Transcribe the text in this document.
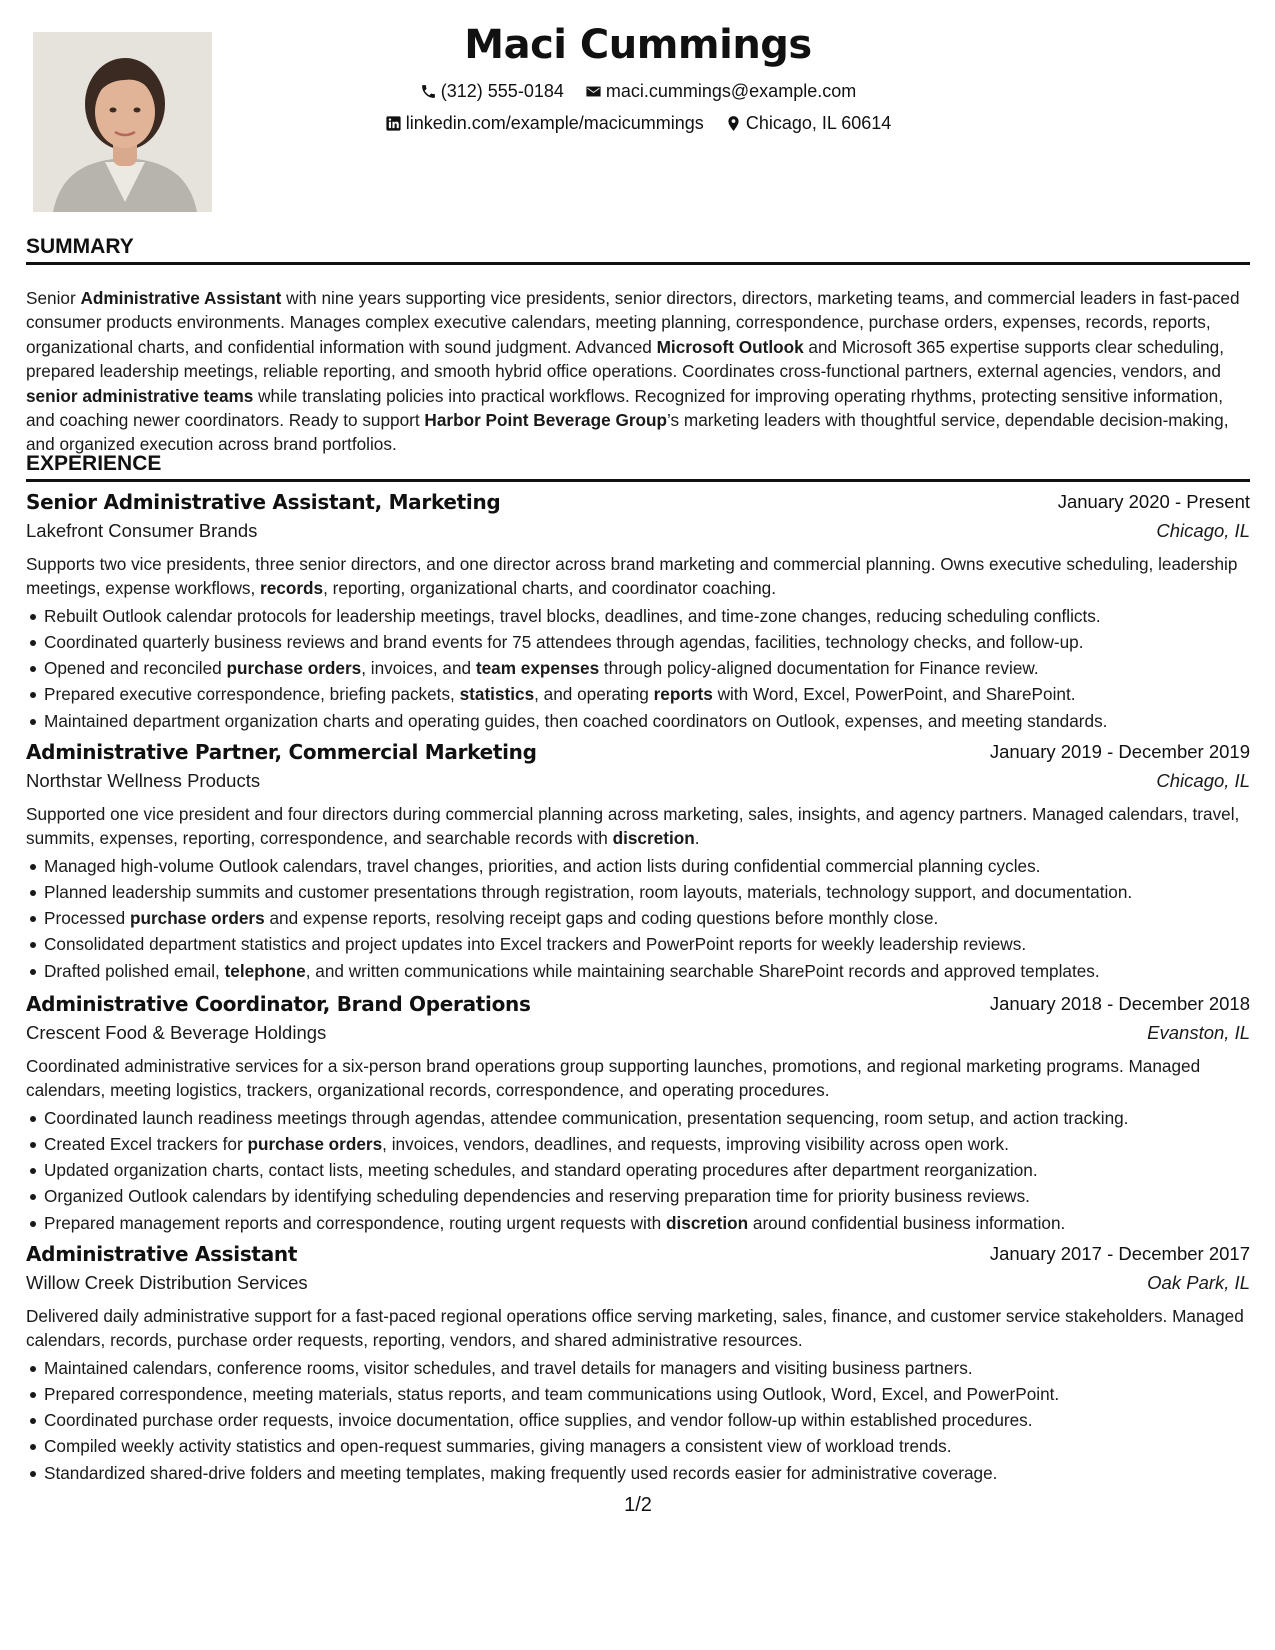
Maci Cummings
(312) 555-0184
maci.cummings@example.com
linkedin.com/example/macicummings
Chicago, IL 60614
SUMMARY
Senior Administrative Assistant with nine years supporting vice presidents, senior directors, directors, marketing teams, and commercial leaders in fast-paced consumer products environments. Manages complex executive calendars, meeting planning, correspondence, purchase orders, expenses, records, reports, organizational charts, and confidential information with sound judgment. Advanced Microsoft Outlook and Microsoft 365 expertise supports clear scheduling, prepared leadership meetings, reliable reporting, and smooth hybrid office operations. Coordinates cross-functional partners, external agencies, vendors, and senior administrative teams while translating policies into practical workflows. Recognized for improving operating rhythms, protecting sensitive information, and coaching newer coordinators. Ready to support Harbor Point Beverage Group’s marketing leaders with thoughtful service, dependable decision-making, and organized execution across brand portfolios.
EXPERIENCE
Senior Administrative Assistant, Marketing	January 2020 - Present
Lakefront Consumer Brands	Chicago, IL
Supports two vice presidents, three senior directors, and one director across brand marketing and commercial planning. Owns executive scheduling, leadership meetings, expense workflows, records, reporting, organizational charts, and coordinator coaching.
Rebuilt Outlook calendar protocols for leadership meetings, travel blocks, deadlines, and time-zone changes, reducing scheduling conflicts.
Coordinated quarterly business reviews and brand events for 75 attendees through agendas, facilities, technology checks, and follow-up.
Opened and reconciled purchase orders, invoices, and team expenses through policy-aligned documentation for Finance review.
Prepared executive correspondence, briefing packets, statistics, and operating reports with Word, Excel, PowerPoint, and SharePoint.
Maintained department organization charts and operating guides, then coached coordinators on Outlook, expenses, and meeting standards.
Administrative Partner, Commercial Marketing	January 2019 - December 2019
Northstar Wellness Products	Chicago, IL
Supported one vice president and four directors during commercial planning across marketing, sales, insights, and agency partners. Managed calendars, travel, summits, expenses, reporting, correspondence, and searchable records with discretion.
Managed high-volume Outlook calendars, travel changes, priorities, and action lists during confidential commercial planning cycles.
Planned leadership summits and customer presentations through registration, room layouts, materials, technology support, and documentation.
Processed purchase orders and expense reports, resolving receipt gaps and coding questions before monthly close.
Consolidated department statistics and project updates into Excel trackers and PowerPoint reports for weekly leadership reviews.
Drafted polished email, telephone, and written communications while maintaining searchable SharePoint records and approved templates.
Administrative Coordinator, Brand Operations	January 2018 - December 2018
Crescent Food & Beverage Holdings	Evanston, IL
Coordinated administrative services for a six-person brand operations group supporting launches, promotions, and regional marketing programs. Managed calendars, meeting logistics, trackers, organizational records, correspondence, and operating procedures.
Coordinated launch readiness meetings through agendas, attendee communication, presentation sequencing, room setup, and action tracking.
Created Excel trackers for purchase orders, invoices, vendors, deadlines, and requests, improving visibility across open work.
Updated organization charts, contact lists, meeting schedules, and standard operating procedures after department reorganization.
Organized Outlook calendars by identifying scheduling dependencies and reserving preparation time for priority business reviews.
Prepared management reports and correspondence, routing urgent requests with discretion around confidential business information.
Administrative Assistant	January 2017 - December 2017
Willow Creek Distribution Services	Oak Park, IL
Delivered daily administrative support for a fast-paced regional operations office serving marketing, sales, finance, and customer service stakeholders. Managed calendars, records, purchase order requests, reporting, vendors, and shared administrative resources.
Maintained calendars, conference rooms, visitor schedules, and travel details for managers and visiting business partners.
Prepared correspondence, meeting materials, status reports, and team communications using Outlook, Word, Excel, and PowerPoint.
Coordinated purchase order requests, invoice documentation, office supplies, and vendor follow-up within established procedures.
Compiled weekly activity statistics and open-request summaries, giving managers a consistent view of workload trends.
Standardized shared-drive folders and meeting templates, making frequently used records easier for administrative coverage.
1/2
